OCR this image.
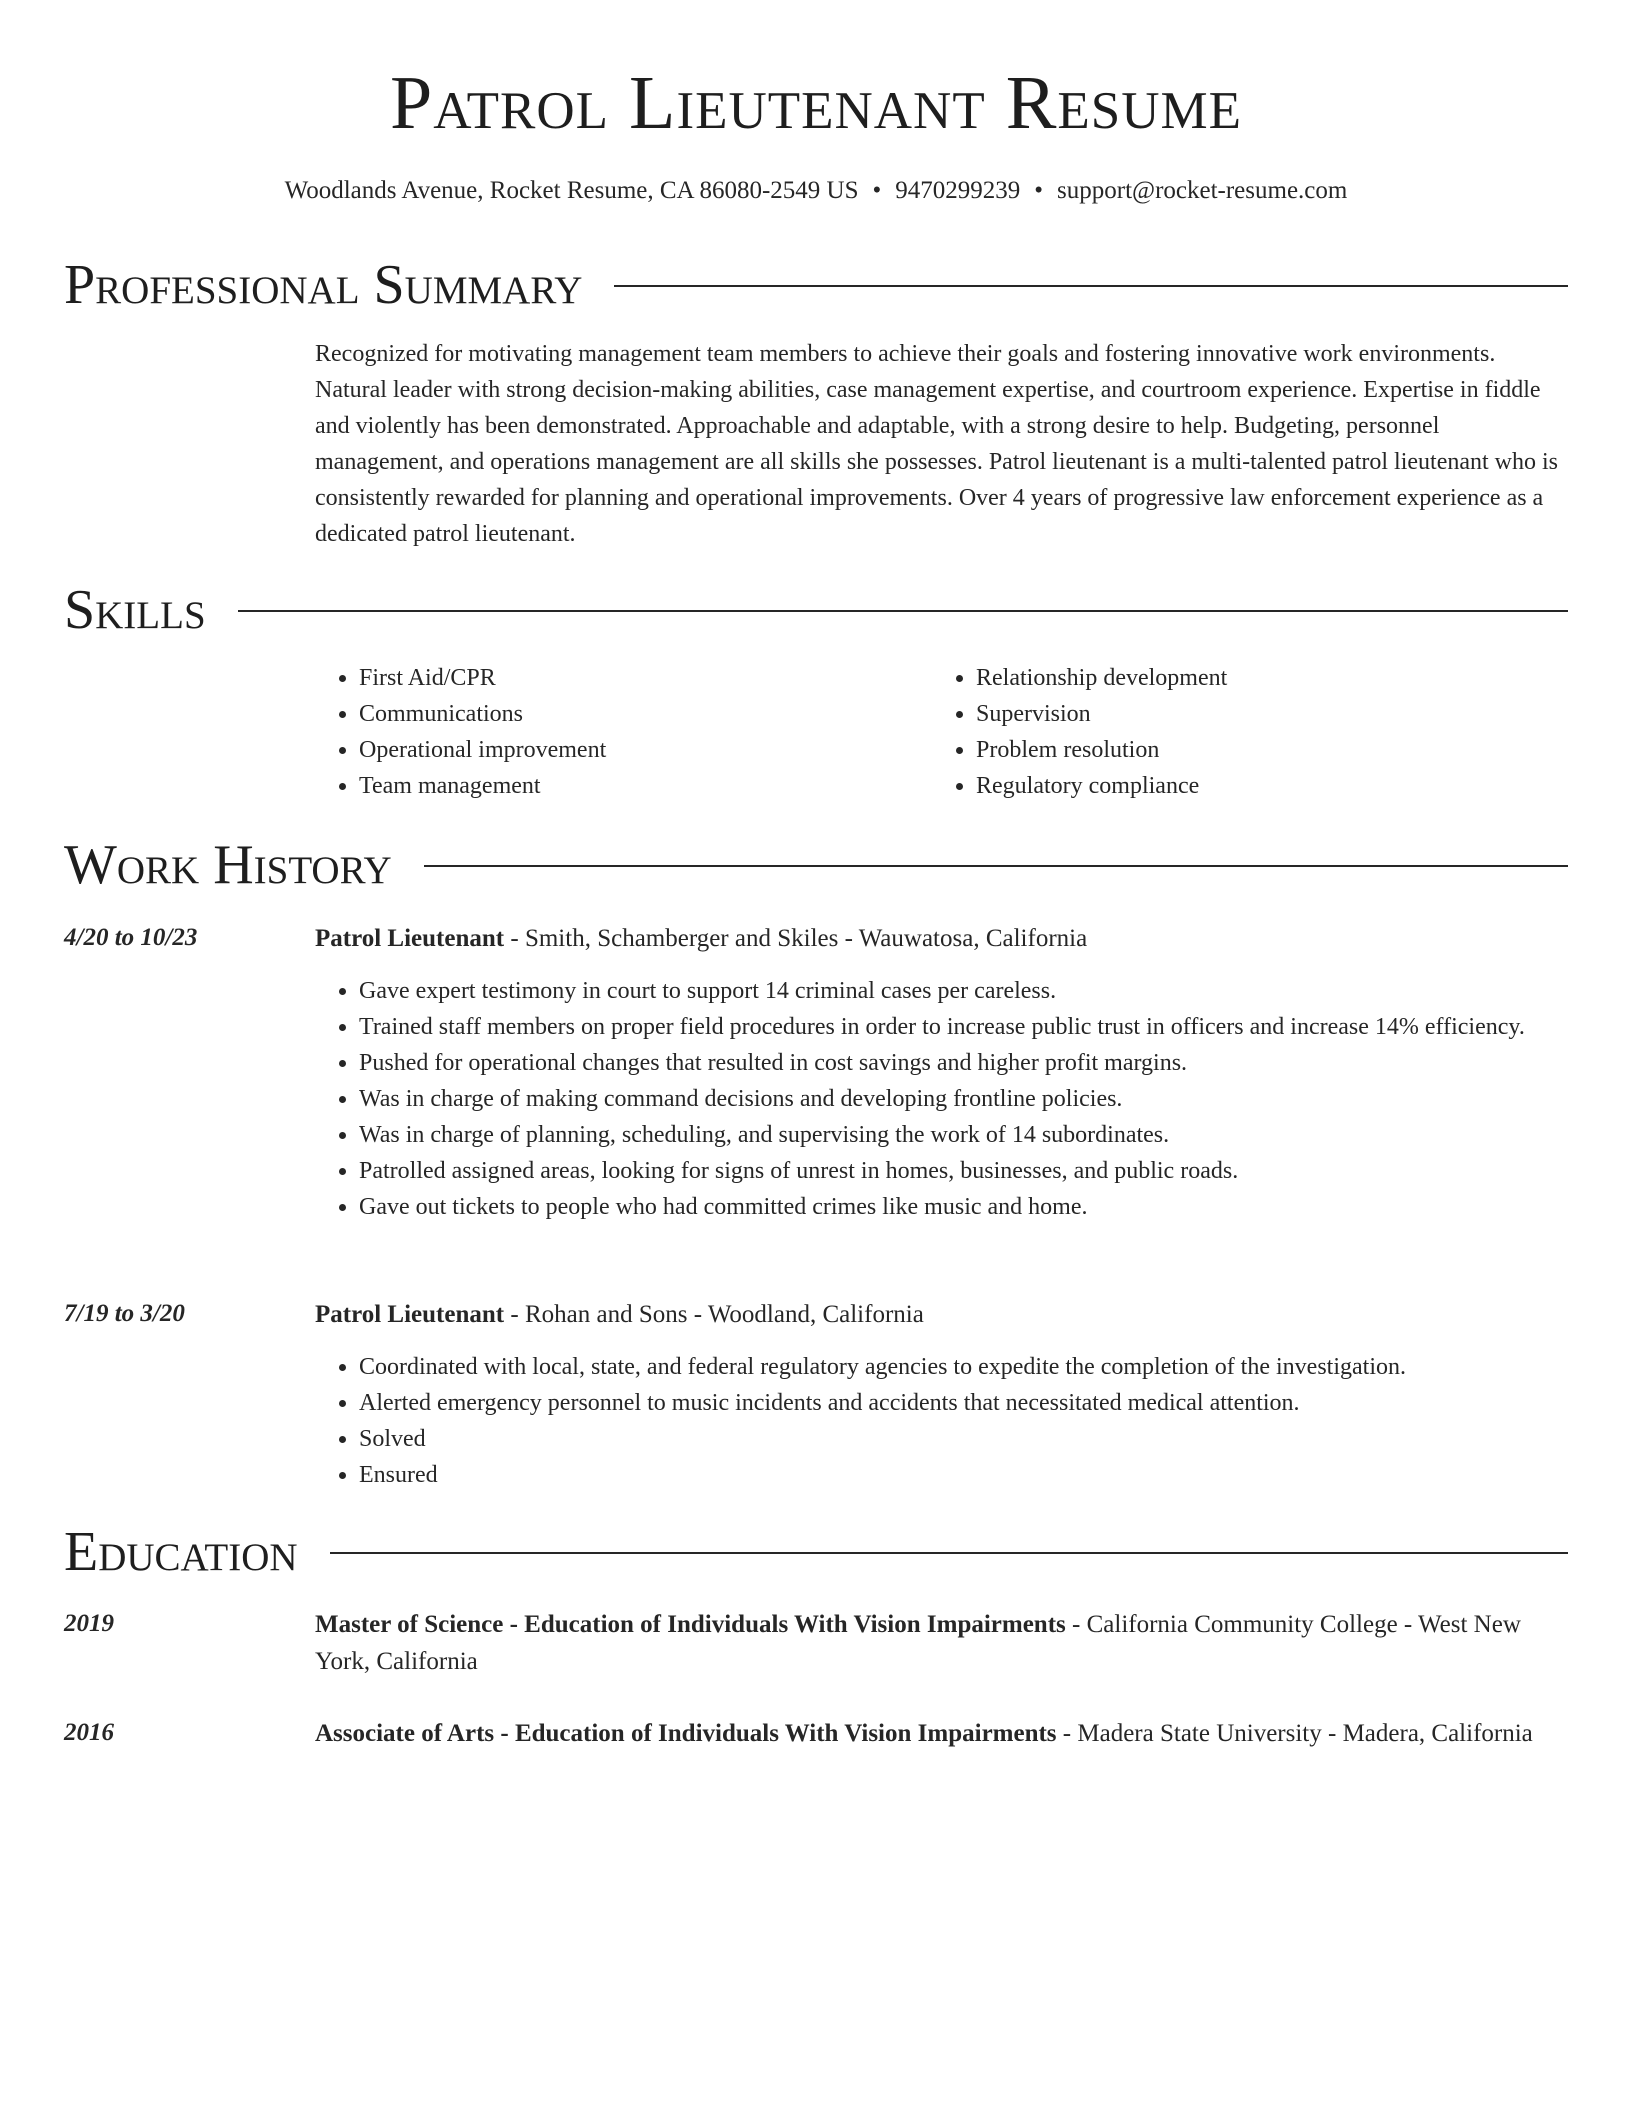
Patrol Lieutenant Resume
Woodlands Avenue, Rocket Resume, CA 86080-2549 US • 9470299239 • support@rocket-resume.com
Professional Summary

Recognized for motivating management team members to achieve their goals and fostering innovative work environments. Natural leader with strong decision-making abilities, case management expertise, and courtroom experience. Expertise in fiddle and violently has been demonstrated. Approachable and adaptable, with a strong desire to help. Budgeting, personnel management, and operations management are all skills she possesses. Patrol lieutenant is a multi-talented patrol lieutenant who is consistently rewarded for planning and operational improvements. Over 4 years of progressive law enforcement experience as a dedicated patrol lieutenant.

Skills
• First Aid/CPR
• Communications
• Operational improvement
• Team management
• Relationship development
• Supervision
• Problem resolution
• Regulatory compliance
Work History
4/20 to 10/23	Patrol Lieutenant - Smith, Schamberger and Skiles - Wauwatosa, California
• Gave expert testimony in court to support 14 criminal cases per careless.
• Trained staff members on proper field procedures in order to increase public trust in officers and increase 14% efficiency.
• Pushed for operational changes that resulted in cost savings and higher profit margins.
• Was in charge of making command decisions and developing frontline policies.
• Was in charge of planning, scheduling, and supervising the work of 14 subordinates.
• Patrolled assigned areas, looking for signs of unrest in homes, businesses, and public roads.
• Gave out tickets to people who had committed crimes like music and home.
7/19 to 3/20	Patrol Lieutenant - Rohan and Sons - Woodland, California
• Coordinated with local, state, and federal regulatory agencies to expedite the completion of the investigation.
• Alerted emergency personnel to music incidents and accidents that necessitated medical attention.
• Solved
• Ensured
Education
2019	Master of Science - Education of Individuals With Vision Impairments - California Community College - West New York, California
2016	Associate of Arts - Education of Individuals With Vision Impairments - Madera State University - Madera, California
